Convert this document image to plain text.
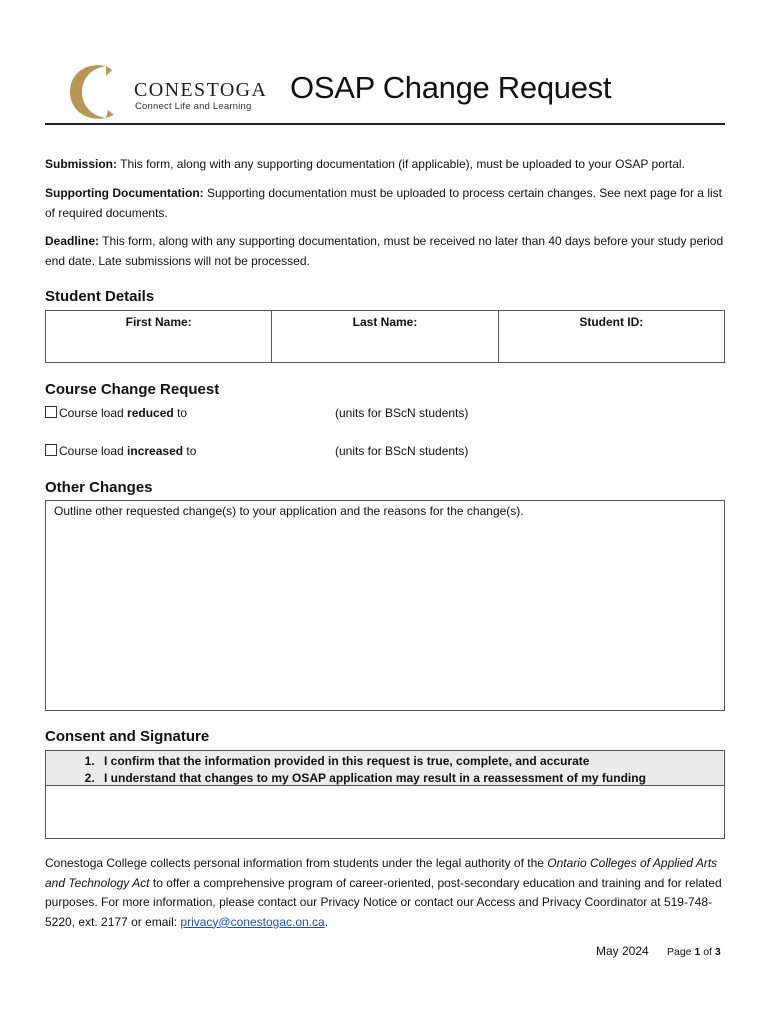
CONESTOGA
Connect Life and Learning
OSAP Change Request
Submission: This form, along with any supporting documentation (if applicable), must be uploaded to your OSAP portal.
Supporting Documentation: Supporting documentation must be uploaded to process certain changes. See next page for a list of required documents.
Deadline: This form, along with any supporting documentation, must be received no later than 40 days before your study period end date. Late submissions will not be processed.
Student Details
First Name:	Last Name:	Student ID:
Course Change Request
Course load reduced to	(units for BScN students)
Course load increased to	(units for BScN students)
Other Changes
Outline other requested change(s) to your application and the reasons for the change(s).
Consent and Signature
1. I confirm that the information provided in this request is true, complete, and accurate
2. I understand that changes to my OSAP application may result in a reassessment of my funding
Conestoga College collects personal information from students under the legal authority of the Ontario Colleges of Applied Arts and Technology Act to offer a comprehensive program of career-oriented, post-secondary education and training and for related purposes. For more information, please contact our Privacy Notice or contact our Access and Privacy Coordinator at 519-748-5220, ext. 2177 or email: privacy@conestogac.on.ca.
May 2024 Page 1 of 3
